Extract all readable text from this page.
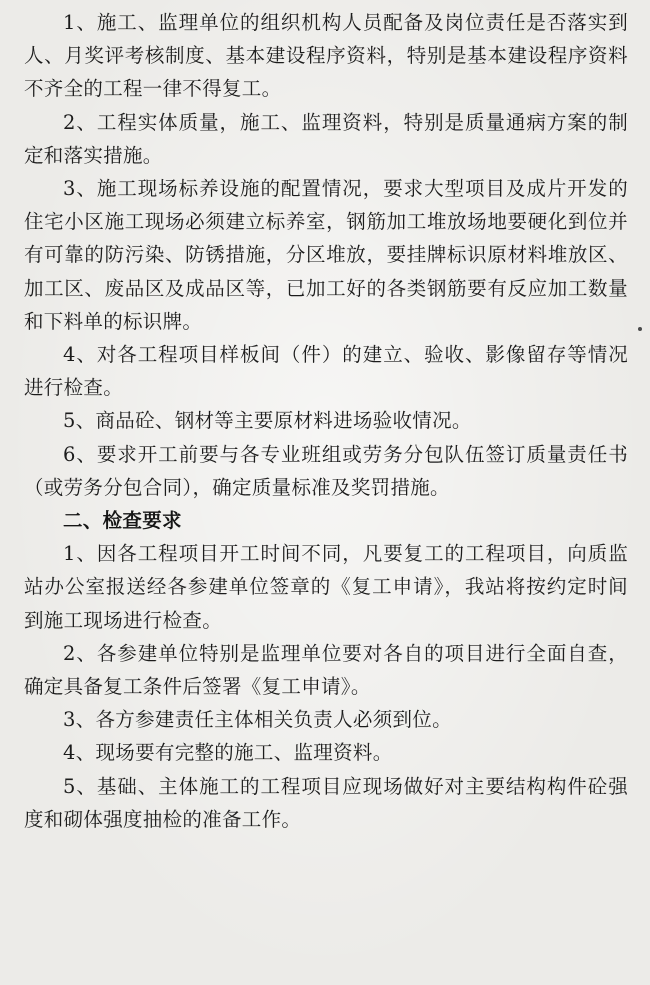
1、施工、监理单位的组织机构人员配备及岗位责任是否落实到人、月奖评考核制度、基本建设程序资料，特别是基本建设程序资料不齐全的工程一律不得复工。

2、工程实体质量，施工、监理资料，特别是质量通病方案的制定和落实措施。

3、施工现场标养设施的配置情况，要求大型项目及成片开发的住宅小区施工现场必须建立标养室，钢筋加工堆放场地要硬化到位并有可靠的防污染、防锈措施，分区堆放，要挂牌标识原材料堆放区、加工区、废品区及成品区等，已加工好的各类钢筋要有反应加工数量和下料单的标识牌。

4、对各工程项目样板间（件）的建立、验收、影像留存等情况进行检查。

5、商品砼、钢材等主要原材料进场验收情况。

6、要求开工前要与各专业班组或劳务分包队伍签订质量责任书（或劳务分包合同），确定质量标准及奖罚措施。

二、检查要求

1、因各工程项目开工时间不同，凡要复工的工程项目，向质监站办公室报送经各参建单位签章的《复工申请》，我站将按约定时间到施工现场进行检查。

2、各参建单位特别是监理单位要对各自的项目进行全面自查，确定具备复工条件后签署《复工申请》。

3、各方参建责任主体相关负责人必须到位。

4、现场要有完整的施工、监理资料。

5、基础、主体施工的工程项目应现场做好对主要结构构件砼强度和砌体强度抽检的准备工作。
